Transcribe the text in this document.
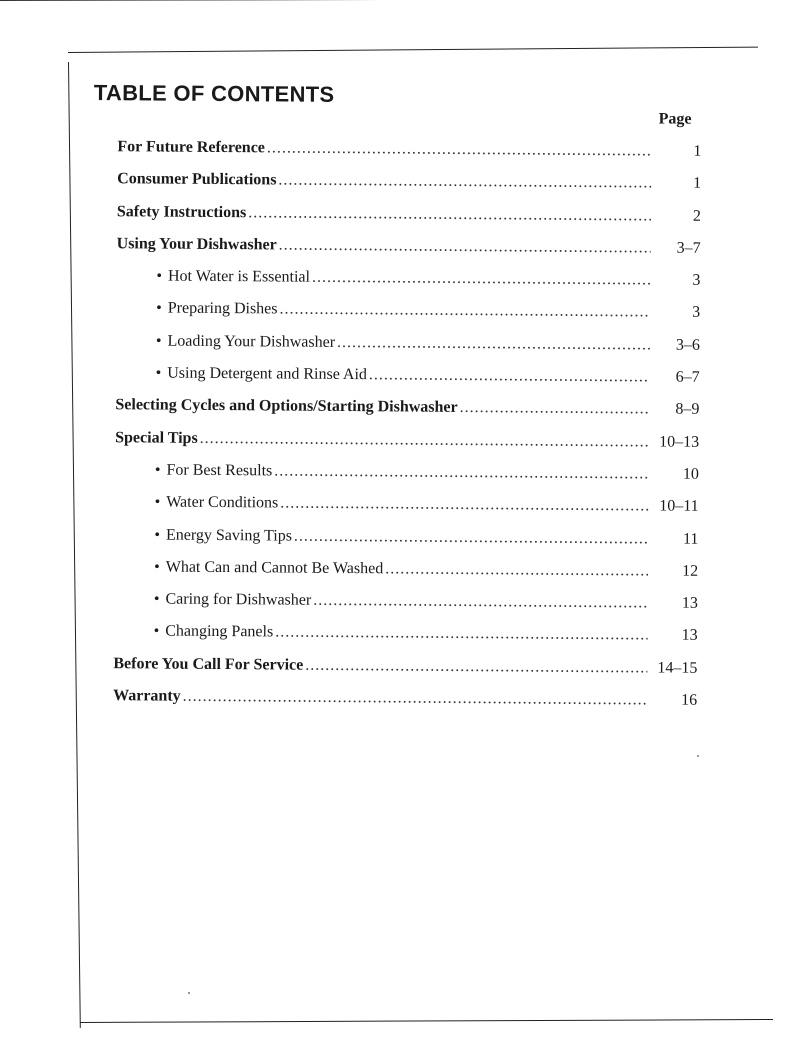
TABLE OF CONTENTS
Page
For Future Reference .....	1
Consumer Publications .....	1
Safety Instructions .....	2
Using Your Dishwasher .....	3–7
• Hot Water is Essential .....	3
• Preparing Dishes .....	3
• Loading Your Dishwasher .....	3–6
• Using Detergent and Rinse Aid .....	6–7
Selecting Cycles and Options/Starting Dishwasher .....	8–9
Special Tips .....	10–13
• For Best Results .....	10
• Water Conditions .....	10–11
• Energy Saving Tips .....	11
• What Can and Cannot Be Washed .....	12
• Caring for Dishwasher .....	13
• Changing Panels .....	13
Before You Call For Service .....	14–15
Warranty .....	16
